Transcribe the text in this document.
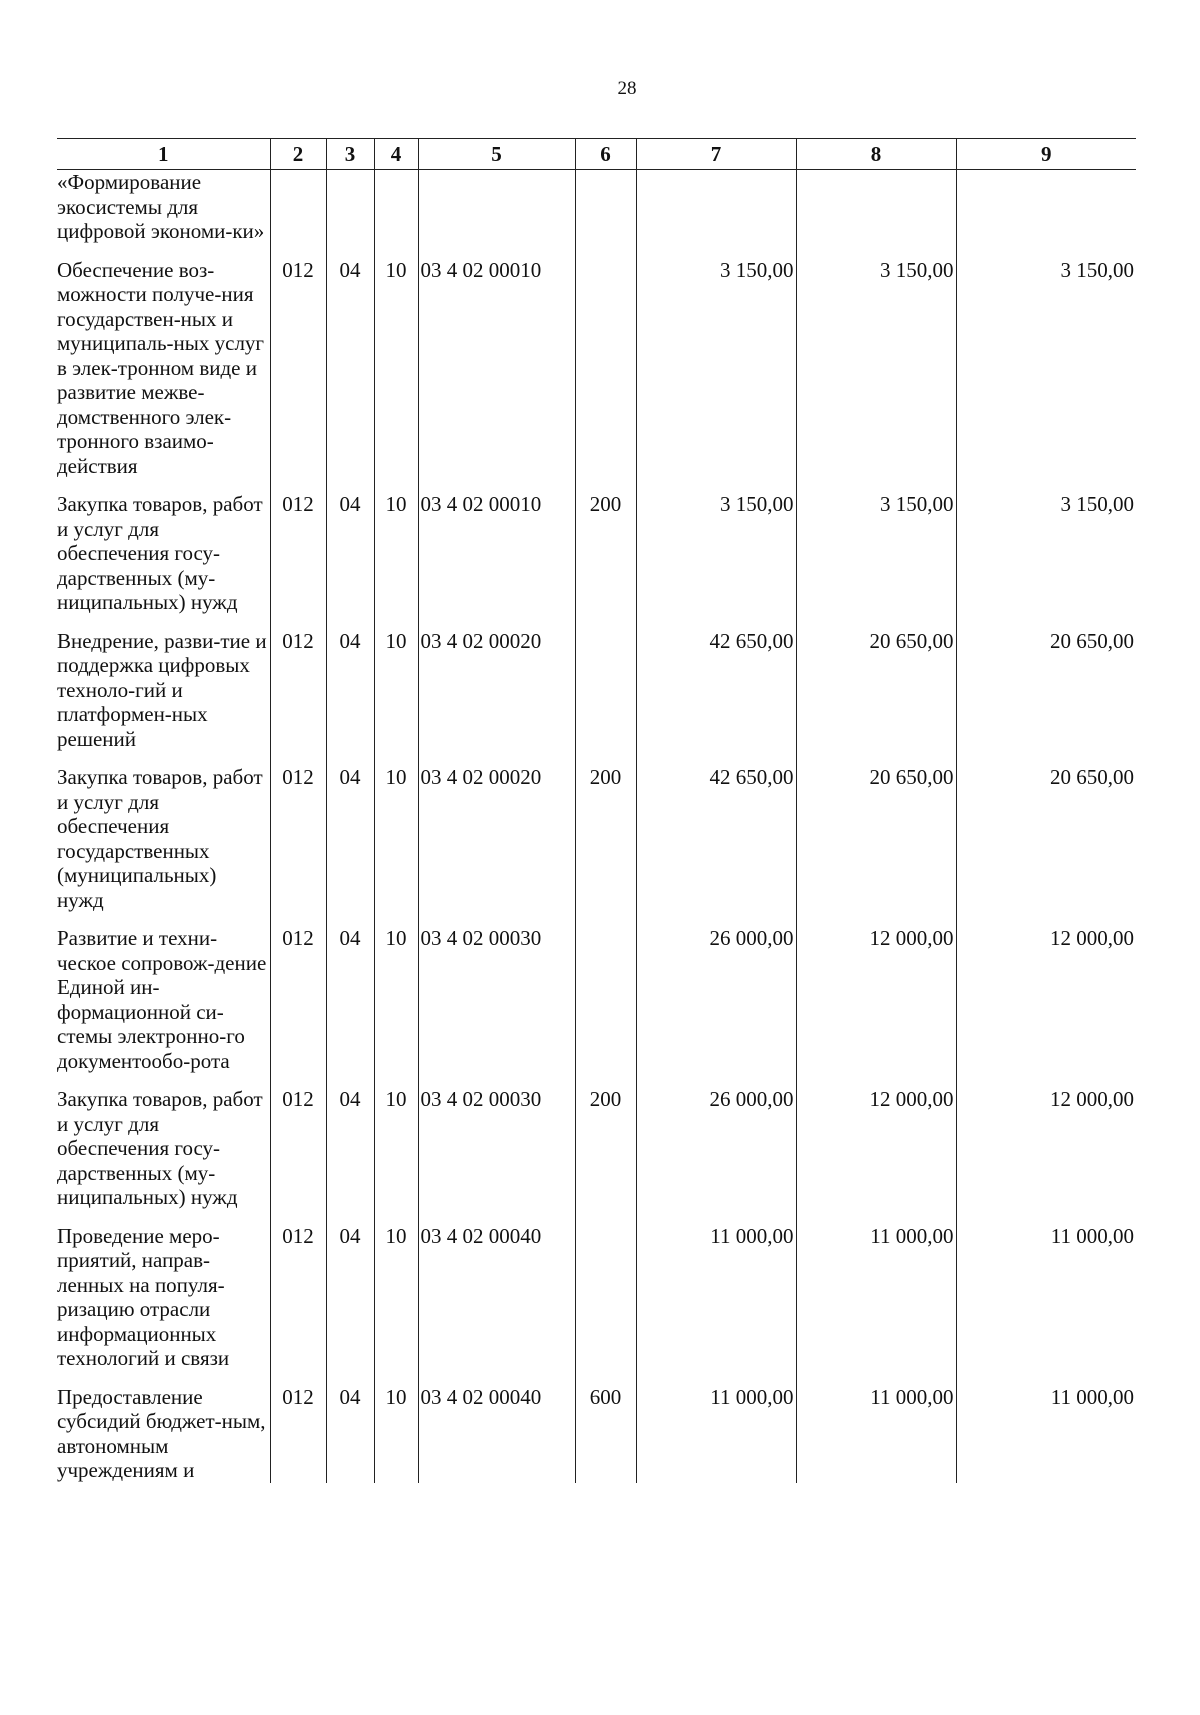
28
1	2	3	4	5	6	7	8	9
«Формирование экосистемы для цифровой экономи-ки»								

Обеспечение воз-можности получе-ния государствен-ных и муниципаль-ных услуг в элек-тронном виде и развитие межве-домственного элек-тронного взаимо-действия	012	04	10	03 4 02 00010		3 150,00	3 150,00	3 150,00

Закупка товаров, работ и услуг для обеспечения госу-дарственных (му-ниципальных) нужд	012	04	10	03 4 02 00010	200	3 150,00	3 150,00	3 150,00

Внедрение, разви-тие и поддержка цифровых техноло-гий и платформен-ных решений	012	04	10	03 4 02 00020		42 650,00	20 650,00	20 650,00

Закупка товаров, работ и услуг для обеспечения государственных (муниципальных) нужд	012	04	10	03 4 02 00020	200	42 650,00	20 650,00	20 650,00

Развитие и техни-ческое сопровож-дение Единой ин-формационной си-стемы электронно-го документообо-рота	012	04	10	03 4 02 00030		26 000,00	12 000,00	12 000,00

Закупка товаров, работ и услуг для обеспечения госу-дарственных (му-ниципальных) нужд	012	04	10	03 4 02 00030	200	26 000,00	12 000,00	12 000,00

Проведение меро-приятий, направ-ленных на популя-ризацию отрасли информационных технологий и связи	012	04	10	03 4 02 00040		11 000,00	11 000,00	11 000,00

Предоставление субсидий бюджет-ным, автономным учреждениям и	012	04	10	03 4 02 00040	600	11 000,00	11 000,00	11 000,00
